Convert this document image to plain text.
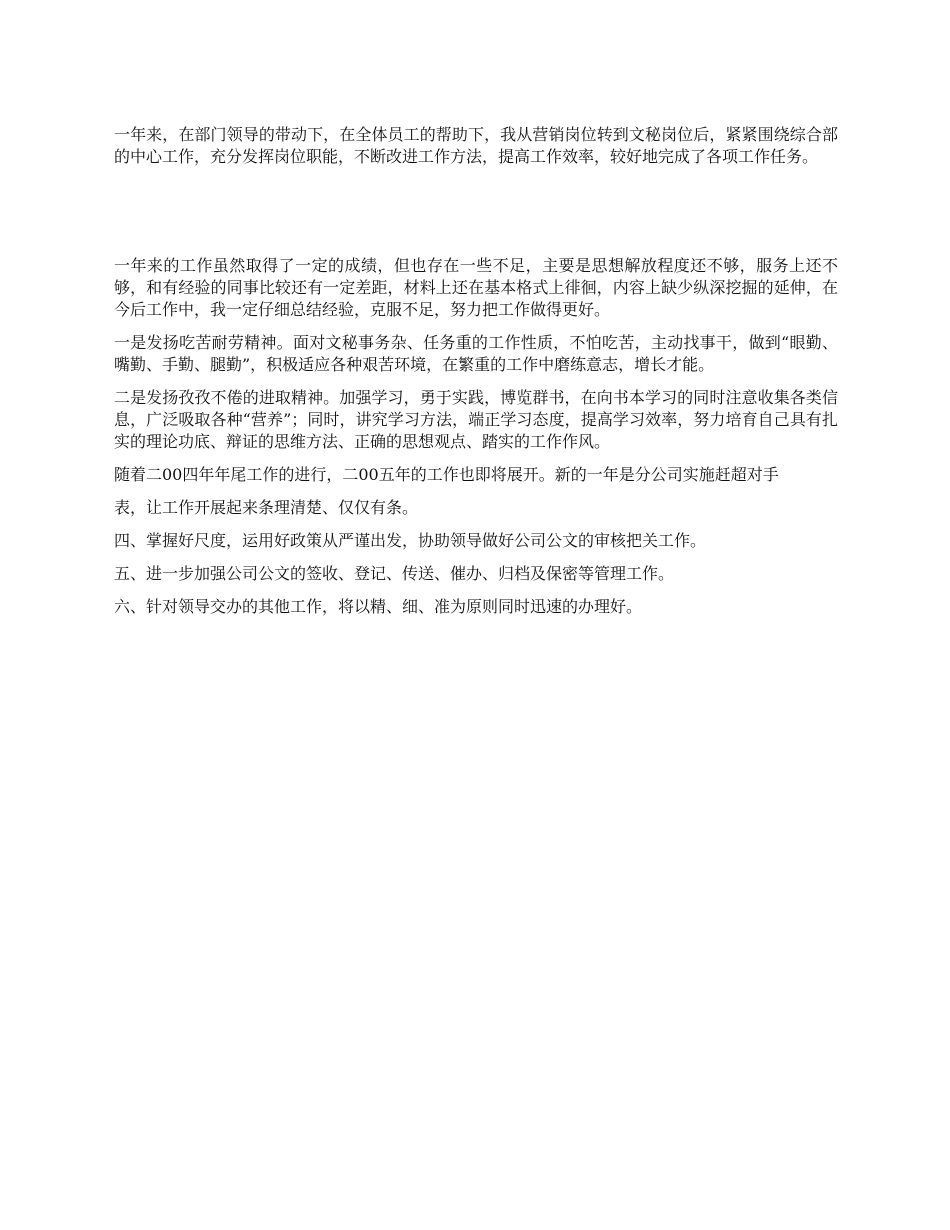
一年来，在部门领导的带动下，在全体员工的帮助下，我从营销岗位转到文秘岗位后，紧紧围绕综合部的中心工作，充分发挥岗位职能，不断改进工作方法，提高工作效率，较好地完成了各项工作任务。

一年来的工作虽然取得了一定的成绩，但也存在一些不足，主要是思想解放程度还不够，服务上还不够，和有经验的同事比较还有一定差距，材料上还在基本格式上徘徊，内容上缺少纵深挖掘的延伸，在今后工作中，我一定仔细总结经验，克服不足，努力把工作做得更好。

一是发扬吃苦耐劳精神。面对文秘事务杂、任务重的工作性质，不怕吃苦，主动找事干，做到“眼勤、嘴勤、手勤、腿勤”，积极适应各种艰苦环境，在繁重的工作中磨练意志，增长才能。

二是发扬孜孜不倦的进取精神。加强学习，勇于实践，博览群书，在向书本学习的同时注意收集各类信息，广泛吸取各种“营养”；同时，讲究学习方法，端正学习态度，提高学习效率，努力培育自己具有扎实的理论功底、辩证的思维方法、正确的思想观点、踏实的工作作风。

随着二00四年年尾工作的进行，二00五年的工作也即将展开。新的一年是分公司实施赶超对手

表，让工作开展起来条理清楚、仅仅有条。

四、掌握好尺度，运用好政策从严谨出发，协助领导做好公司公文的审核把关工作。

五、进一步加强公司公文的签收、登记、传送、催办、归档及保密等管理工作。

六、针对领导交办的其他工作，将以精、细、准为原则同时迅速的办理好。
